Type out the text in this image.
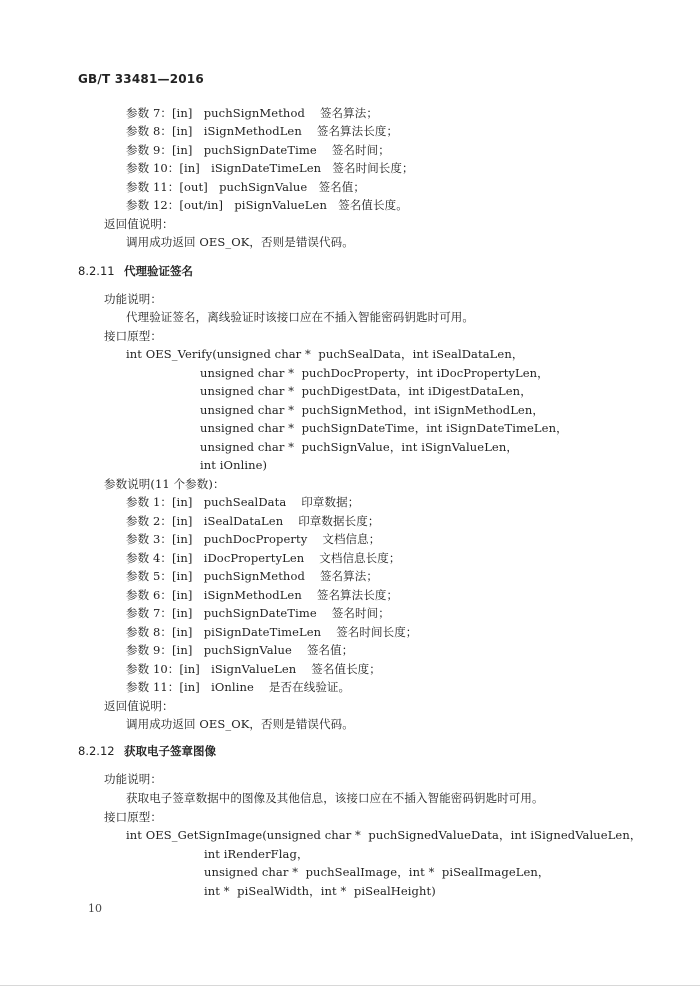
GB/T 33481—2016
参数 7：[in]   puchSignMethod    签名算法；
参数 8：[in]   iSignMethodLen    签名算法长度；
参数 9：[in]   puchSignDateTime    签名时间；
参数 10：[in]   iSignDateTimeLen   签名时间长度；
参数 11：[out]   puchSignValue   签名值；
参数 12：[out/in]   piSignValueLen   签名值长度。
返回值说明：
调用成功返回 OES_OK，否则是错误代码。
8.2.11 代理验证签名
功能说明：
代理验证签名，离线验证时该接口应在不插入智能密码钥匙时可用。
接口原型：
int OES_Verify(unsigned char *  puchSealData，int iSealDataLen，
unsigned char *  puchDocProperty，int iDocPropertyLen，
unsigned char *  puchDigestData，int iDigestDataLen，
unsigned char *  puchSignMethod，int iSignMethodLen，
unsigned char *  puchSignDateTime，int iSignDateTimeLen，
unsigned char *  puchSignValue，int iSignValueLen，
int iOnline)
参数说明(11 个参数)：
参数 1：[in]   puchSealData    印章数据；
参数 2：[in]   iSealDataLen    印章数据长度；
参数 3：[in]   puchDocProperty    文档信息；
参数 4：[in]   iDocPropertyLen    文档信息长度；
参数 5：[in]   puchSignMethod    签名算法；
参数 6：[in]   iSignMethodLen    签名算法长度；
参数 7：[in]   puchSignDateTime    签名时间；
参数 8：[in]   piSignDateTimeLen    签名时间长度；
参数 9：[in]   puchSignValue    签名值；
参数 10：[in]   iSignValueLen    签名值长度；
参数 11：[in]   iOnline    是否在线验证。
返回值说明：
调用成功返回 OES_OK，否则是错误代码。
8.2.12 获取电子签章图像
功能说明：
获取电子签章数据中的图像及其他信息，该接口应在不插入智能密码钥匙时可用。
接口原型：
int OES_GetSignImage(unsigned char *  puchSignedValueData，int iSignedValueLen，
int iRenderFlag，
unsigned char *  puchSealImage，int *  piSealImageLen，
int *  piSealWidth，int *  piSealHeight)
10
